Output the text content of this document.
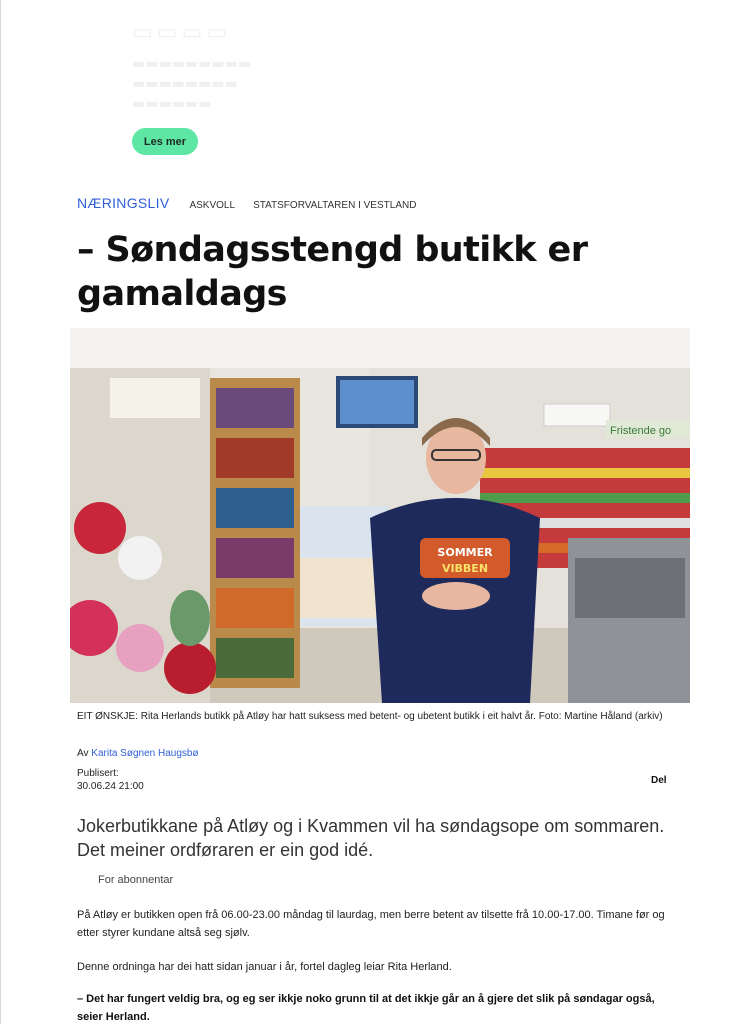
▭▭▭▭
▬▬▬▬▬▬▬▬▬
▬▬▬▬▬▬▬▬
▬▬▬▬▬▬
Les mer
NÆRINGSLIV ASKVOLL STATSFORVALTAREN I VESTLAND
– Søndagsstengd butikk er gamaldags
Fristende go
SOMMER
VIBBEN
EIT ØNSKJE: Rita Herlands butikk på Atløy har hatt suksess med betent- og ubetent butikk i eit halvt år. Foto: Martine Håland (arkiv)
Av Karita Søgnen Haugsbø
Publisert:
30.06.24 21:00
Del

Jokerbutikkane på Atløy og i Kvammen vil ha søndagsope om sommaren. Det meiner ordføraren er ein god idé.

For abonnentar

På Atløy er butikken open frå 06.00-23.00 måndag til laurdag, men berre betent av tilsette frå 10.00-17.00. Timane før og etter styrer kundane altså seg sjølv.

Denne ordninga har dei hatt sidan januar i år, fortel dagleg leiar Rita Herland.

– Det har fungert veldig bra, og eg ser ikkje noko grunn til at det ikkje går an å gjere det slik på søndagar også, seier Herland.
